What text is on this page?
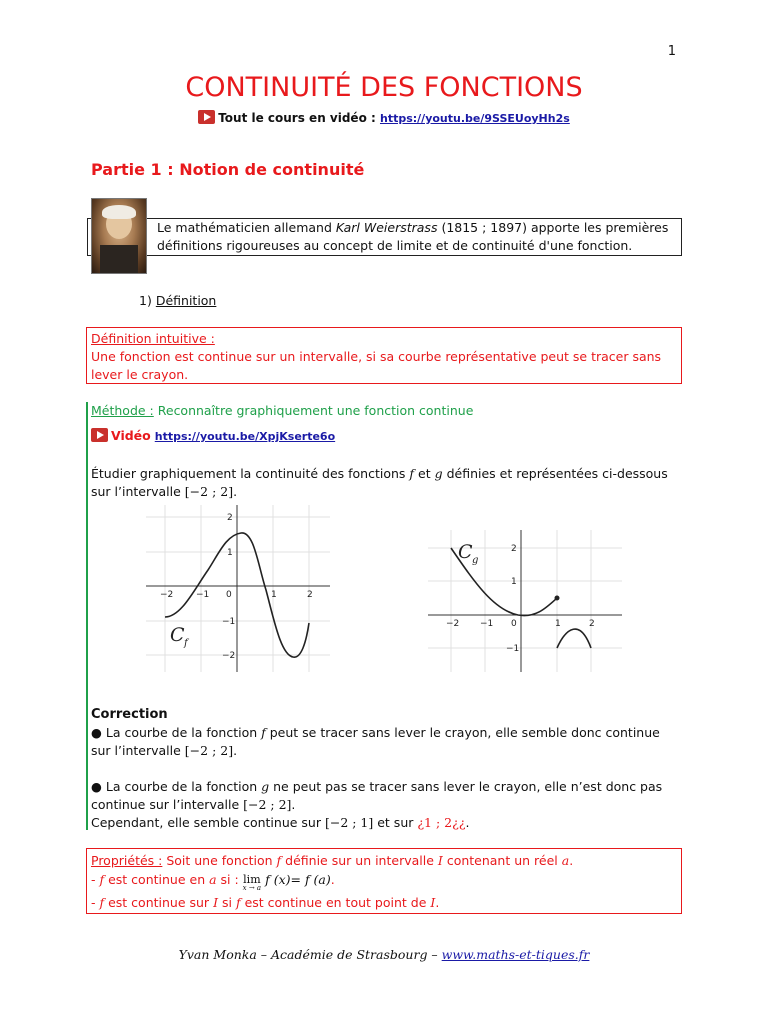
1
CONTINUITÉ DES FONCTIONS
Tout le cours en vidéo : https://youtu.be/9SSEUoyHh2s
Partie 1 : Notion de continuité
Le mathématicien allemand Karl Weierstrass (1815 ; 1897) apporte les premières définitions rigoureuses au concept de limite et de continuité d'une fonction.
1) Définition
Définition intuitive :
Une fonction est continue sur un intervalle, si sa courbe représentative peut se tracer sans lever le crayon.
Méthode : Reconnaître graphiquement une fonction continue
Vidéo https://youtu.be/XpjKserte6o
Étudier graphiquement la continuité des fonctions f et g définies et représentées ci-dessous
sur l’intervalle [−2 ; 2].
−2	−1 0	1	2
2
1
−1
−2
C f
−2 −1 0	1	2
2
1
−1
C g
Correction
● La courbe de la fonction f peut se tracer sans lever le crayon, elle semble donc continue
sur l’intervalle [−2 ; 2].
● La courbe de la fonction g ne peut pas se tracer sans lever le crayon, elle n’est donc pas
continue sur l’intervalle [−2 ; 2].
Cependant, elle semble continue sur [−2 ; 1] et sur ¿1 ; 2¿¿.
Propriétés : Soit une fonction f définie sur un intervalle I contenant un réel a.
- f est continue en a si : lim
x → a
f (x)= f (a).
- f est continue sur I si f est continue en tout point de I.
Yvan Monka – Académie de Strasbourg – www.maths-et-tiques.fr
